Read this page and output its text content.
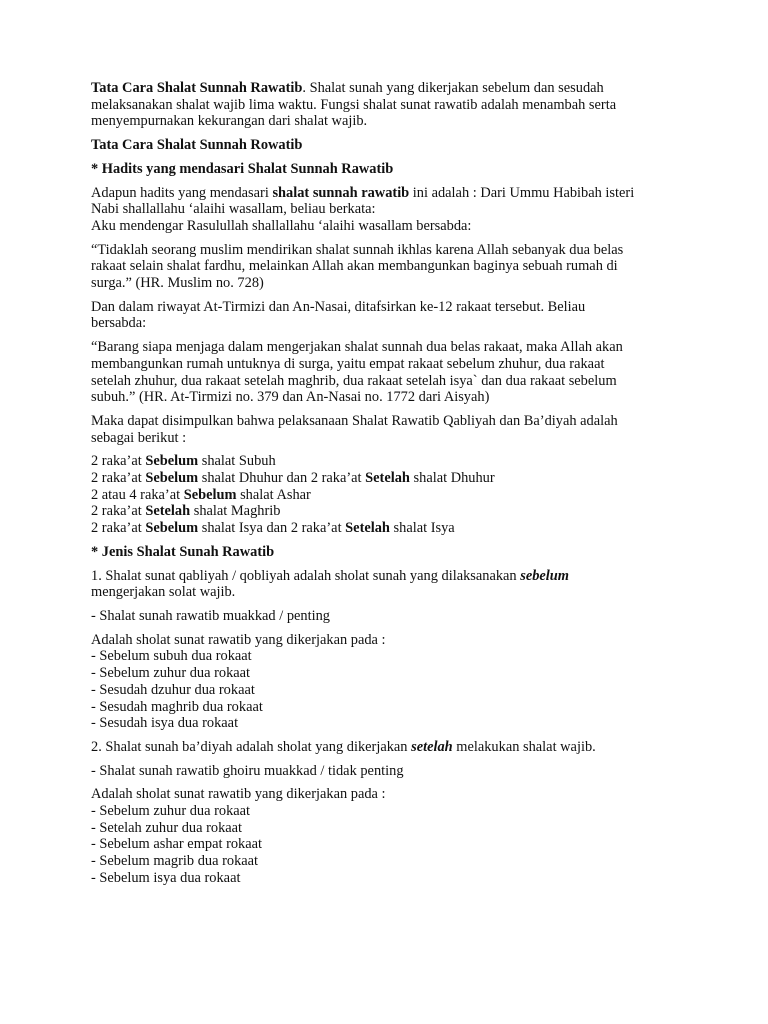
Tata Cara Shalat Sunnah Rawatib. Shalat sunah yang dikerjakan sebelum dan sesudah
melaksanakan shalat wajib lima waktu. Fungsi shalat sunat rawatib adalah menambah serta
menyempurnakan kekurangan dari shalat wajib.
Tata Cara Shalat Sunnah Rowatib
* Hadits yang mendasari Shalat Sunnah Rawatib
Adapun hadits yang mendasari shalat sunnah rawatib ini adalah : Dari Ummu Habibah isteri
Nabi shallallahu ‘alaihi wasallam, beliau berkata:
Aku mendengar Rasulullah shallallahu ‘alaihi wasallam bersabda:
“Tidaklah seorang muslim mendirikan shalat sunnah ikhlas karena Allah sebanyak dua belas
rakaat selain shalat fardhu, melainkan Allah akan membangunkan baginya sebuah rumah di
surga.” (HR. Muslim no. 728)
Dan dalam riwayat At-Tirmizi dan An-Nasai, ditafsirkan ke-12 rakaat tersebut. Beliau
bersabda:
“Barang siapa menjaga dalam mengerjakan shalat sunnah dua belas rakaat, maka Allah akan
membangunkan rumah untuknya di surga, yaitu empat rakaat sebelum zhuhur, dua rakaat
setelah zhuhur, dua rakaat setelah maghrib, dua rakaat setelah isya` dan dua rakaat sebelum
subuh.” (HR. At-Tirmizi no. 379 dan An-Nasai no. 1772 dari Aisyah)
Maka dapat disimpulkan bahwa pelaksanaan Shalat Rawatib Qabliyah dan Ba’diyah adalah
sebagai berikut :
2 raka’at Sebelum shalat Subuh
2 raka’at Sebelum shalat Dhuhur dan 2 raka’at Setelah shalat Dhuhur
2 atau 4 raka’at Sebelum shalat Ashar
2 raka’at Setelah shalat Maghrib
2 raka’at Sebelum shalat Isya dan 2 raka’at Setelah shalat Isya
* Jenis Shalat Sunah Rawatib
1. Shalat sunat qabliyah / qobliyah adalah sholat sunah yang dilaksanakan sebelum
mengerjakan solat wajib.
- Shalat sunah rawatib muakkad / penting
Adalah sholat sunat rawatib yang dikerjakan pada :
- Sebelum subuh dua rokaat
- Sebelum zuhur dua rokaat
- Sesudah dzuhur dua rokaat
- Sesudah maghrib dua rokaat
- Sesudah isya dua rokaat
2. Shalat sunah ba’diyah adalah sholat yang dikerjakan setelah melakukan shalat wajib.
- Shalat sunah rawatib ghoiru muakkad / tidak penting
Adalah sholat sunat rawatib yang dikerjakan pada :
- Sebelum zuhur dua rokaat
- Setelah zuhur dua rokaat
- Sebelum ashar empat rokaat
- Sebelum magrib dua rokaat
- Sebelum isya dua rokaat
